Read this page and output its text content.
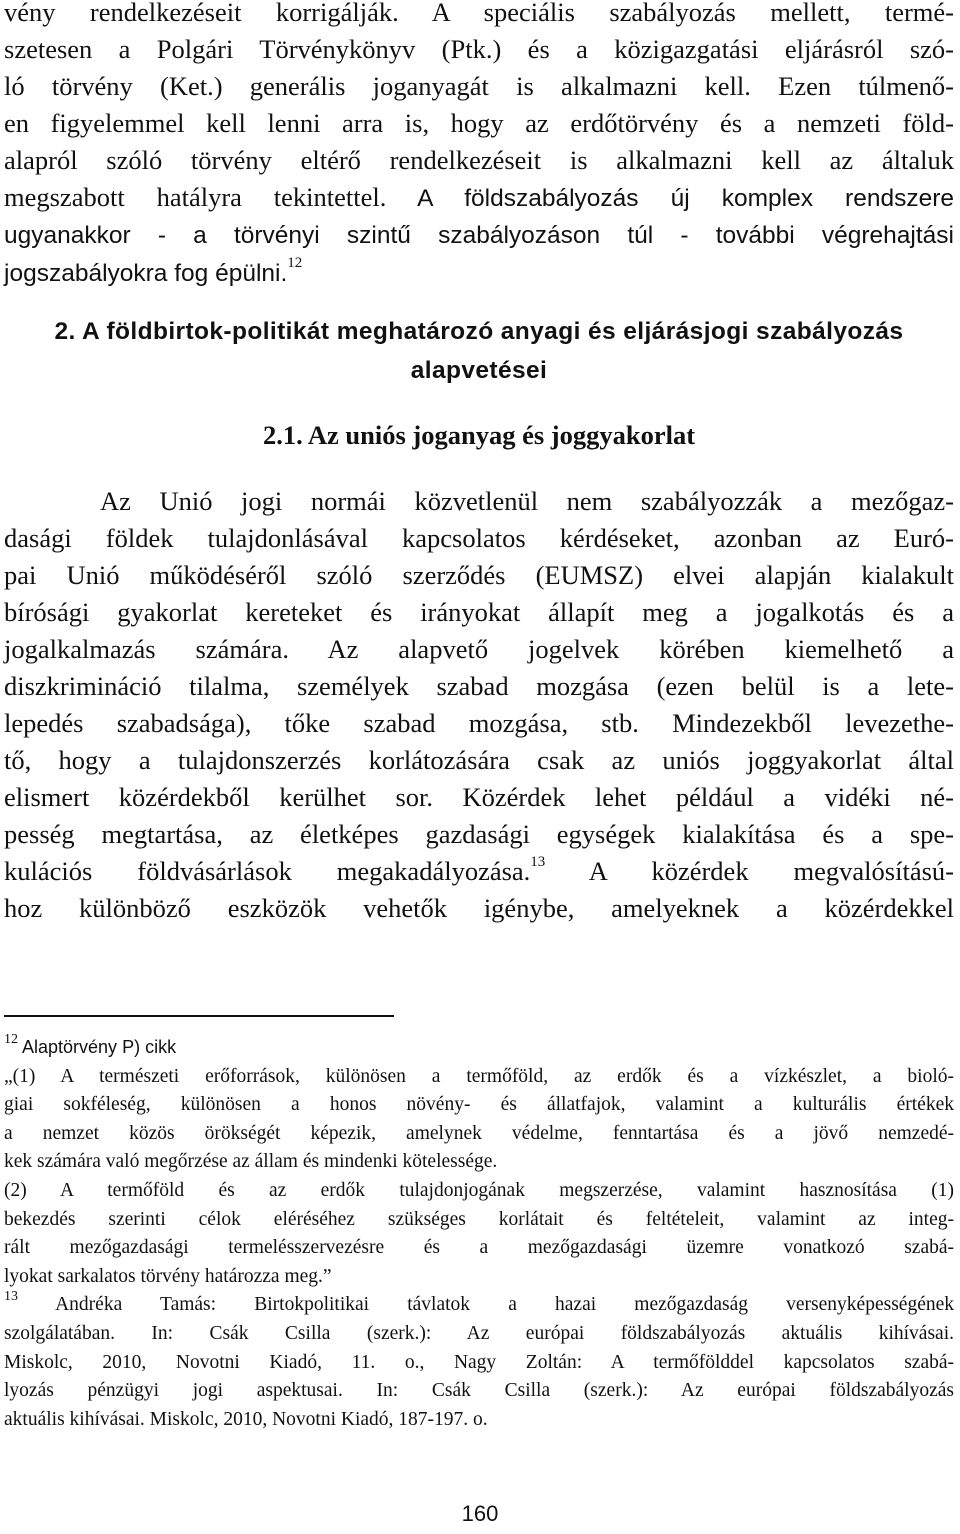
vény rendelkezéseit korrigálják. A speciális szabályozás mellett, termé-
szetesen a Polgári Törvénykönyv (Ptk.) és a közigazgatási eljárásról szó-
ló törvény (Ket.) generális joganyagát is alkalmazni kell. Ezen túlmenő-
en figyelemmel kell lenni arra is, hogy az erdőtörvény és a nemzeti föld-
alapról szóló törvény eltérő rendelkezéseit is alkalmazni kell az általuk
megszabott hatályra tekintettel. A földszabályozás új komplex rendszere
ugyanakkor - a törvényi szintű szabályozáson túl - további végrehajtási
jogszabályokra fog épülni.$^{12}$

2. A földbirtok-politikát meghatározó anyagi és eljárásjogi szabályozás
alapvetései
2.1. Az uniós joganyag és joggyakorlat

Az Unió jogi normái közvetlenül nem szabályozzák a mezőgaz-
dasági földek tulajdonlásával kapcsolatos kérdéseket, azonban az Euró-
pai Unió működéséről szóló szerződés (EUMSZ) elvei alapján kialakult
bírósági gyakorlat kereteket és irányokat állapít meg a jogalkotás és a
jogalkalmazás számára. Az alapvető jogelvek körében kiemelhető a
diszkrimináció tilalma, személyek szabad mozgása (ezen belül is a lete-
lepedés szabadsága), tőke szabad mozgása, stb. Mindezekből levezethe-
tő, hogy a tulajdonszerzés korlátozására csak az uniós joggyakorlat által
elismert közérdekből kerülhet sor. Közérdek lehet például a vidéki né-
pesség megtartása, az életképes gazdasági egységek kialakítása és a spe-
kulációs földvásárlások megakadályozása.$^{13}$ A közérdek megvalósítású-
hoz különböző eszközök vehetők igénybe, amelyeknek a közérdekkel

$^{12}$ Alaptörvény P) cikk
„(1) A természeti erőforrások, különösen a termőföld, az erdők és a vízkészlet, a bioló-
giai sokféleség, különösen a honos növény- és állatfajok, valamint a kulturális értékek
a nemzet közös örökségét képezik, amelynek védelme, fenntartása és a jövő nemzedé-
kek számára való megőrzése az állam és mindenki kötelessége.
(2) A termőföld és az erdők tulajdonjogának megszerzése, valamint hasznosítása (1)
bekezdés szerinti célok eléréséhez szükséges korlátait és feltételeit, valamint az integ-
rált mezőgazdasági termelésszervezésre és a mezőgazdasági üzemre vonatkozó szabá-
lyokat sarkalatos törvény határozza meg.”
$^{13}$ Andréka Tamás: Birtokpolitikai távlatok a hazai mezőgazdaság versenyképességének
szolgálatában. In: Csák Csilla (szerk.): Az európai földszabályozás aktuális kihívásai.
Miskolc, 2010, Novotni Kiadó, 11. o., Nagy Zoltán: A termőfölddel kapcsolatos szabá-
lyozás pénzügyi jogi aspektusai. In: Csák Csilla (szerk.): Az európai földszabályozás
aktuális kihívásai. Miskolc, 2010, Novotni Kiadó, 187-197. o.
160
